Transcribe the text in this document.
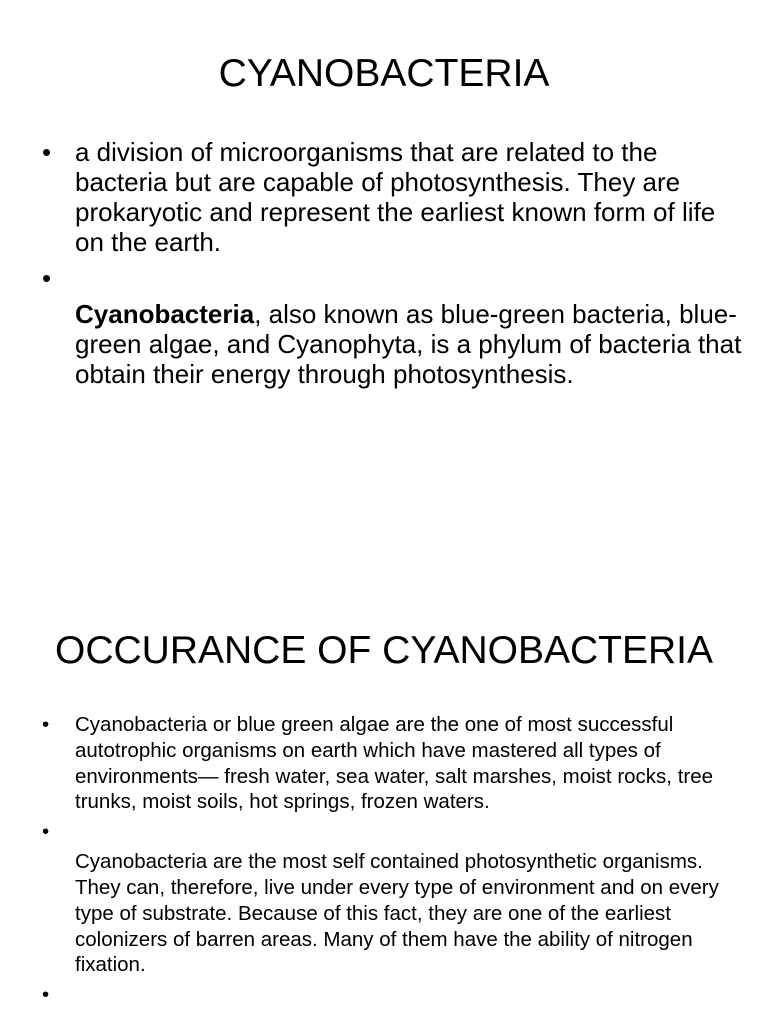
CYANOBACTERIA
• a division of microorganisms that are related to the bacteria but are capable of photosynthesis. They are prokaryotic and represent the earliest known form of life on the earth.
•
Cyanobacteria, also known as blue-green bacteria, blue-green algae, and Cyanophyta, is a phylum of bacteria that obtain their energy through photosynthesis.
OCCURANCE OF CYANOBACTERIA
• Cyanobacteria or blue green algae are the one of most successful autotrophic organisms on earth which have mastered all types of environments— fresh water, sea water, salt marshes, moist rocks, tree trunks, moist soils, hot springs, frozen waters.
•
Cyanobacteria are the most self contained photosynthetic organisms. They can, therefore, live under every type of environment and on every type of substrate. Because of this fact, they are one of the earliest colonizers of barren areas. Many of them have the ability of nitrogen fixation.
•
